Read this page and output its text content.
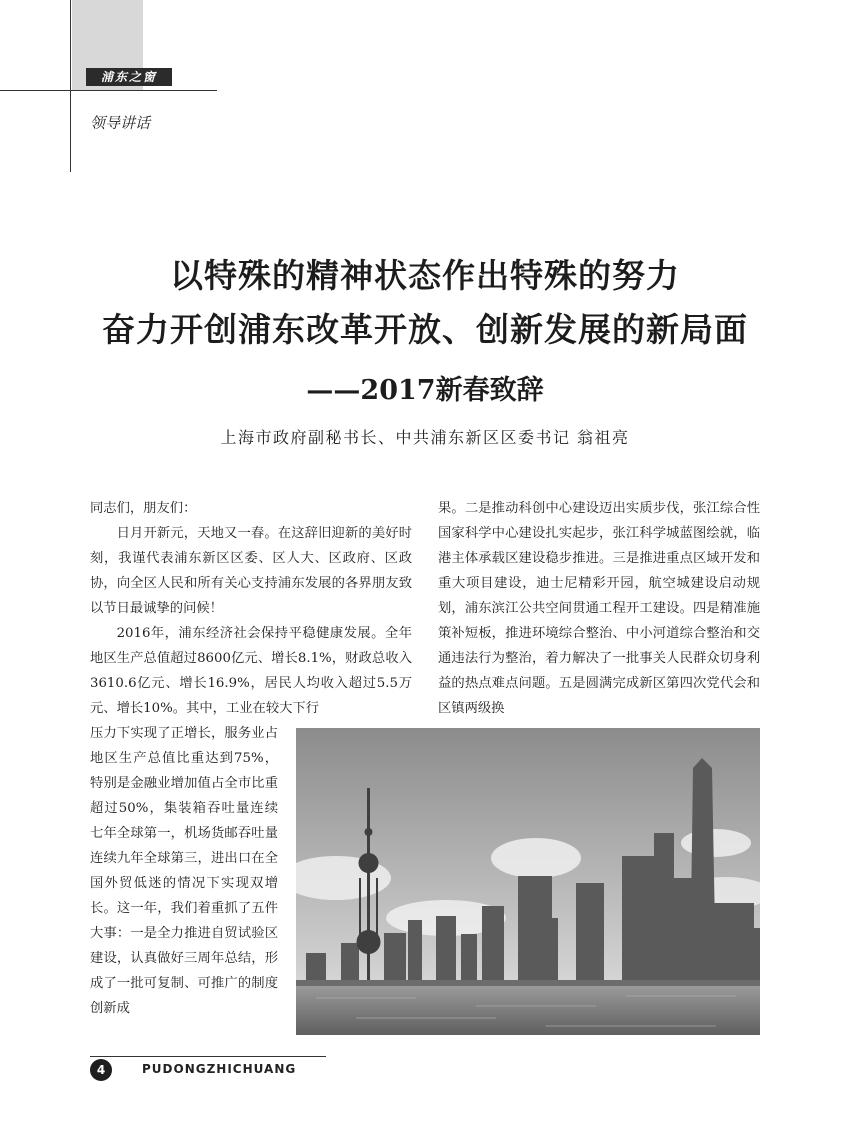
浦东之窗
领导讲话
以特殊的精神状态作出特殊的努力
奋力开创浦东改革开放、创新发展的新局面
——2017新春致辞
上海市政府副秘书长、中共浦东新区区委书记 翁祖亮

同志们，朋友们：

日月开新元，天地又一春。在这辞旧迎新的美好时刻，我谨代表浦东新区区委、区人大、区政府、区政协，向全区人民和所有关心支持浦东发展的各界朋友致以节日最诚挚的问候！

2016年，浦东经济社会保持平稳健康发展。全年地区生产总值超过8600亿元、增长8.1%，财政总收入3610.6亿元、增长16.9%，居民人均收入超过5.5万元、增长10%。其中，工业在较大下行

压力下实现了正增长，服务业占地区生产总值比重达到75%，特别是金融业增加值占全市比重超过50%，集装箱吞吐量连续七年全球第一，机场货邮吞吐量连续九年全球第三，进出口在全国外贸低迷的情况下实现双增长。这一年，我们着重抓了五件大事：一是全力推进自贸试验区建设，认真做好三周年总结，形成了一批可复制、可推广的制度创新成

果。二是推动科创中心建设迈出实质步伐，张江综合性国家科学中心建设扎实起步，张江科学城蓝图绘就，临港主体承载区建设稳步推进。三是推进重点区域开发和重大项目建设，迪士尼精彩开园，航空城建设启动规划，浦东滨江公共空间贯通工程开工建设。四是精准施策补短板，推进环境综合整治、中小河道综合整治和交通违法行为整治，着力解决了一批事关人民群众切身利益的热点难点问题。五是圆满完成新区第四次党代会和区镇两级换

4	PUDONGZHICHUANG
